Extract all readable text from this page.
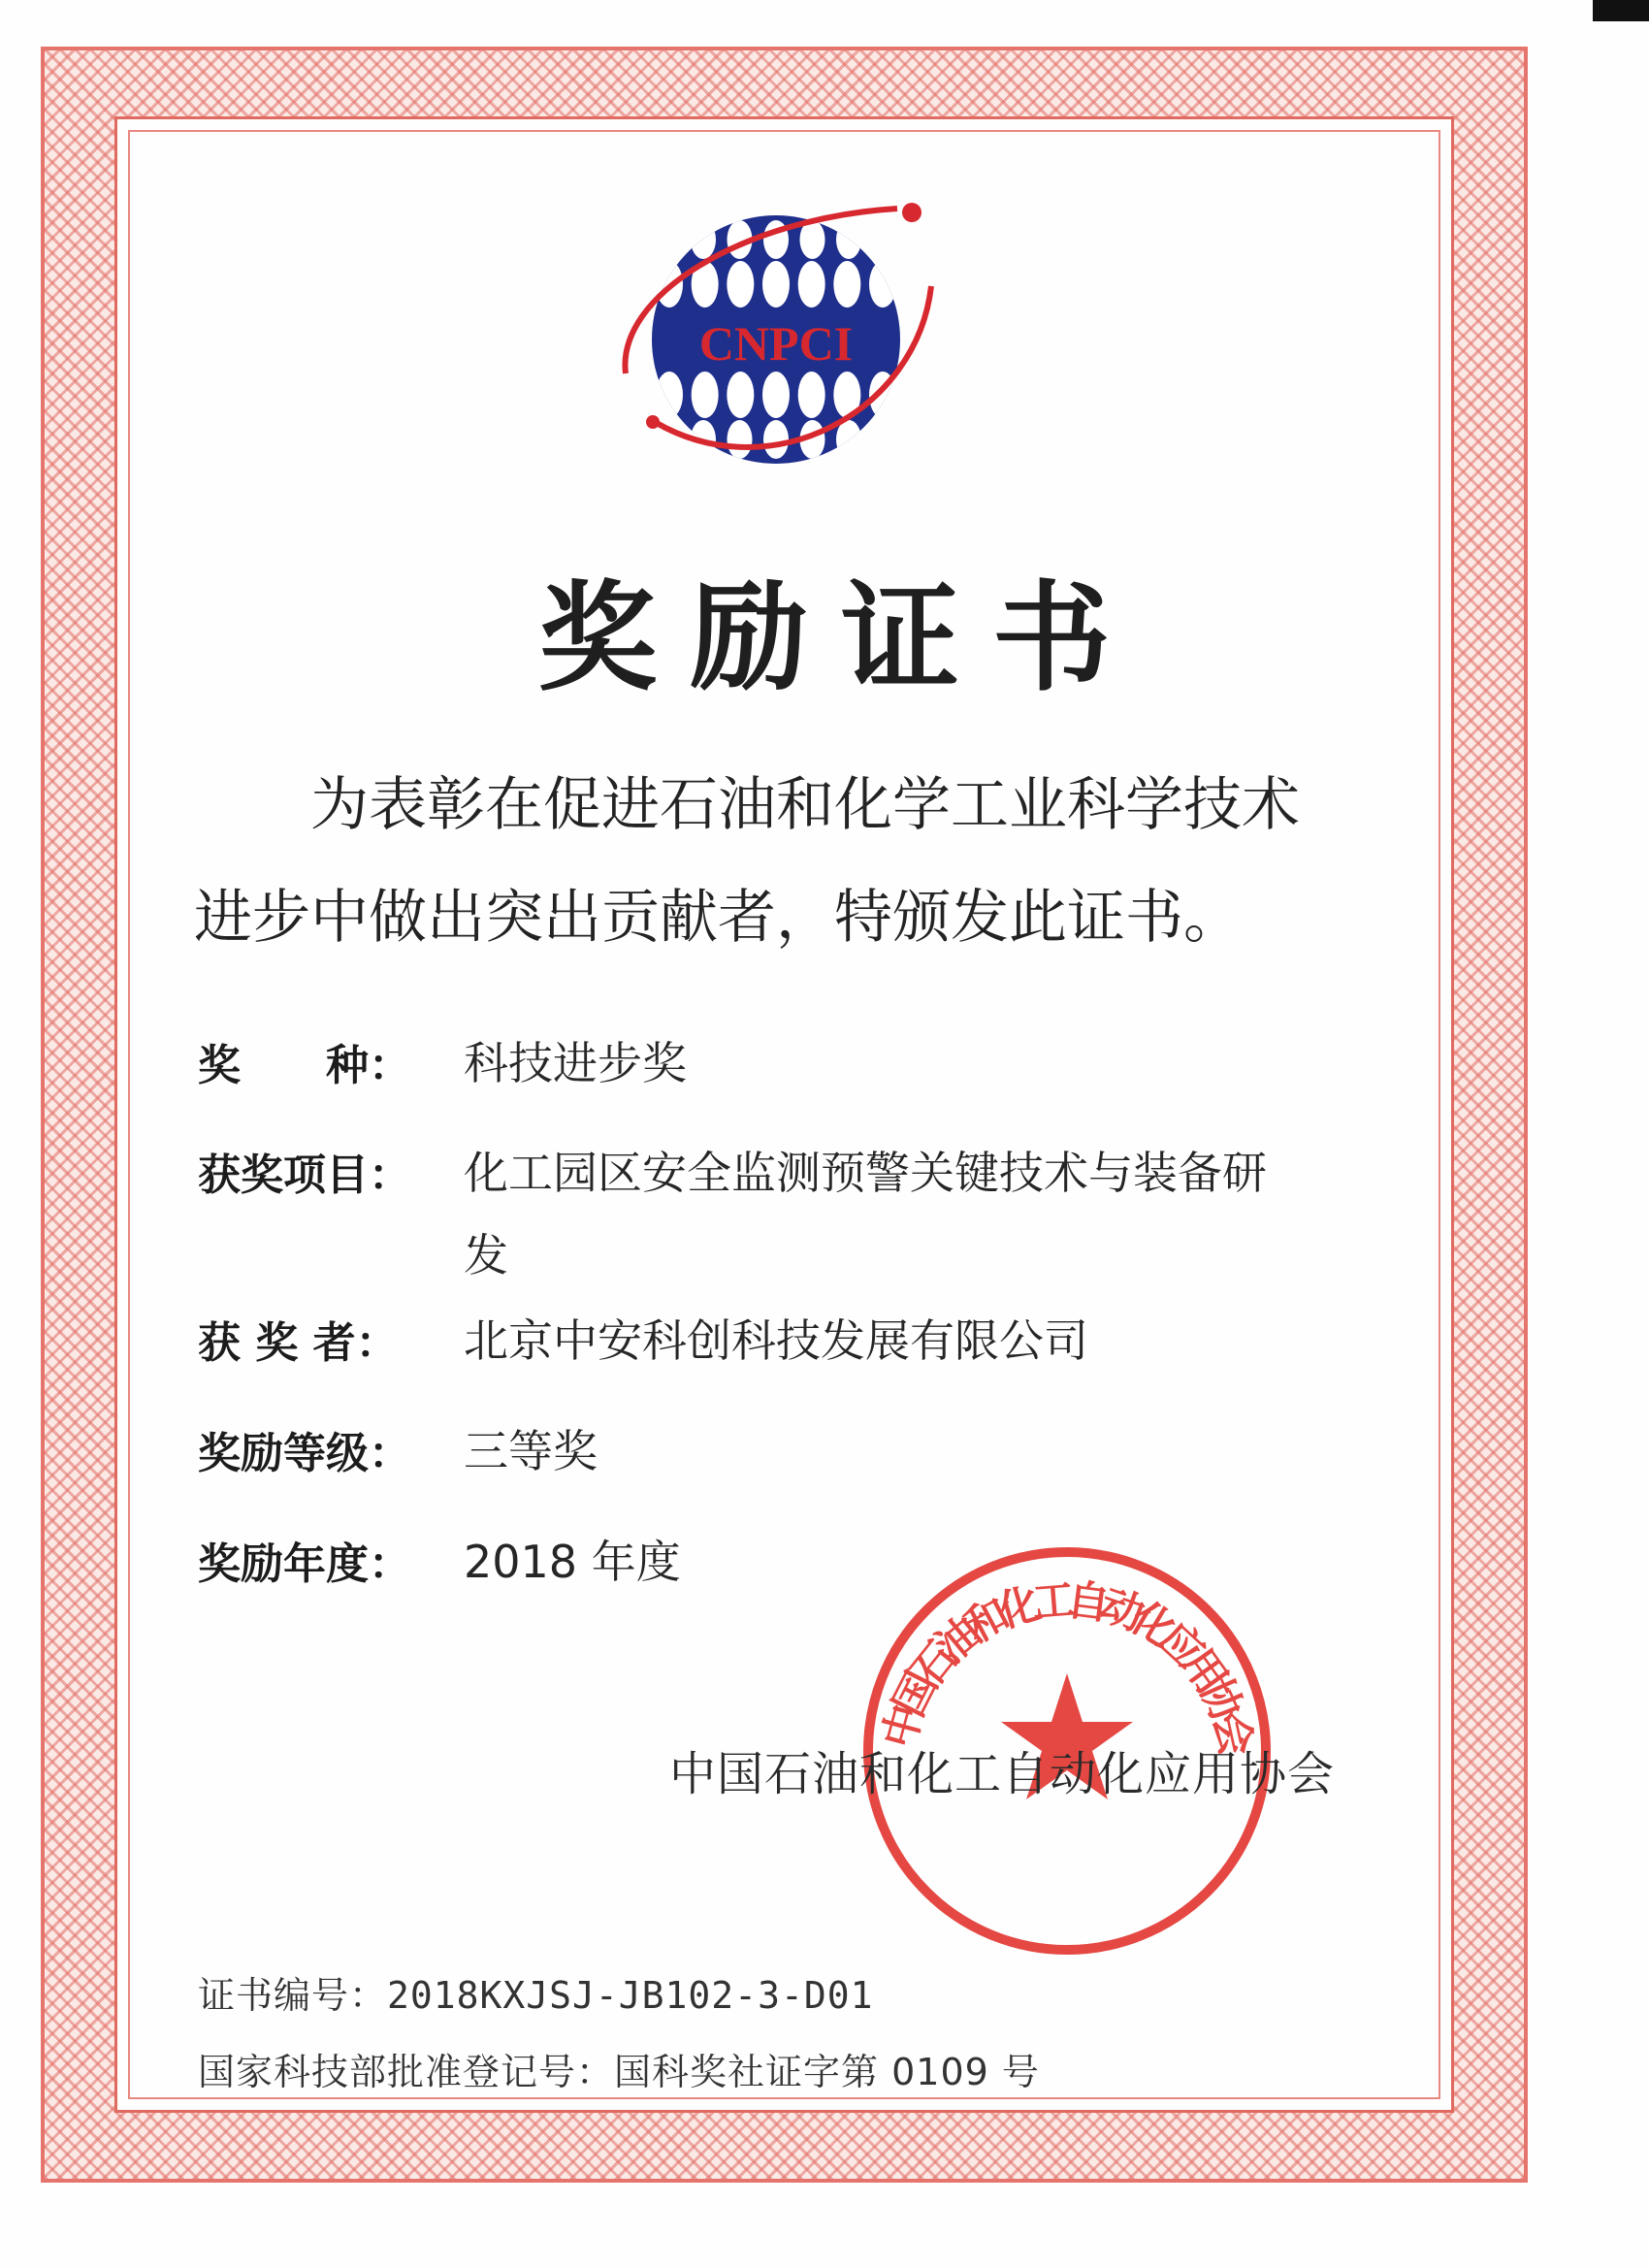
CNPCI
奖励证书
为表彰在促进石油和化学工业科学技术
进步中做出突出贡献者，特颁发此证书。
奖　　种： 科技进步奖
获奖项目： 化工园区安全监测预警关键技术与装备研
发
获 奖 者： 北京中安科创科技发展有限公司
奖励等级： 三等奖
奖励年度： 2018 年度
中国石油和化工自动化应用协会
中国石油和化工自动化应用协会
证书编号：2018KXJSJ-JB102-3-D01
国家科技部批准登记号：国科奖社证字第 0109 号
